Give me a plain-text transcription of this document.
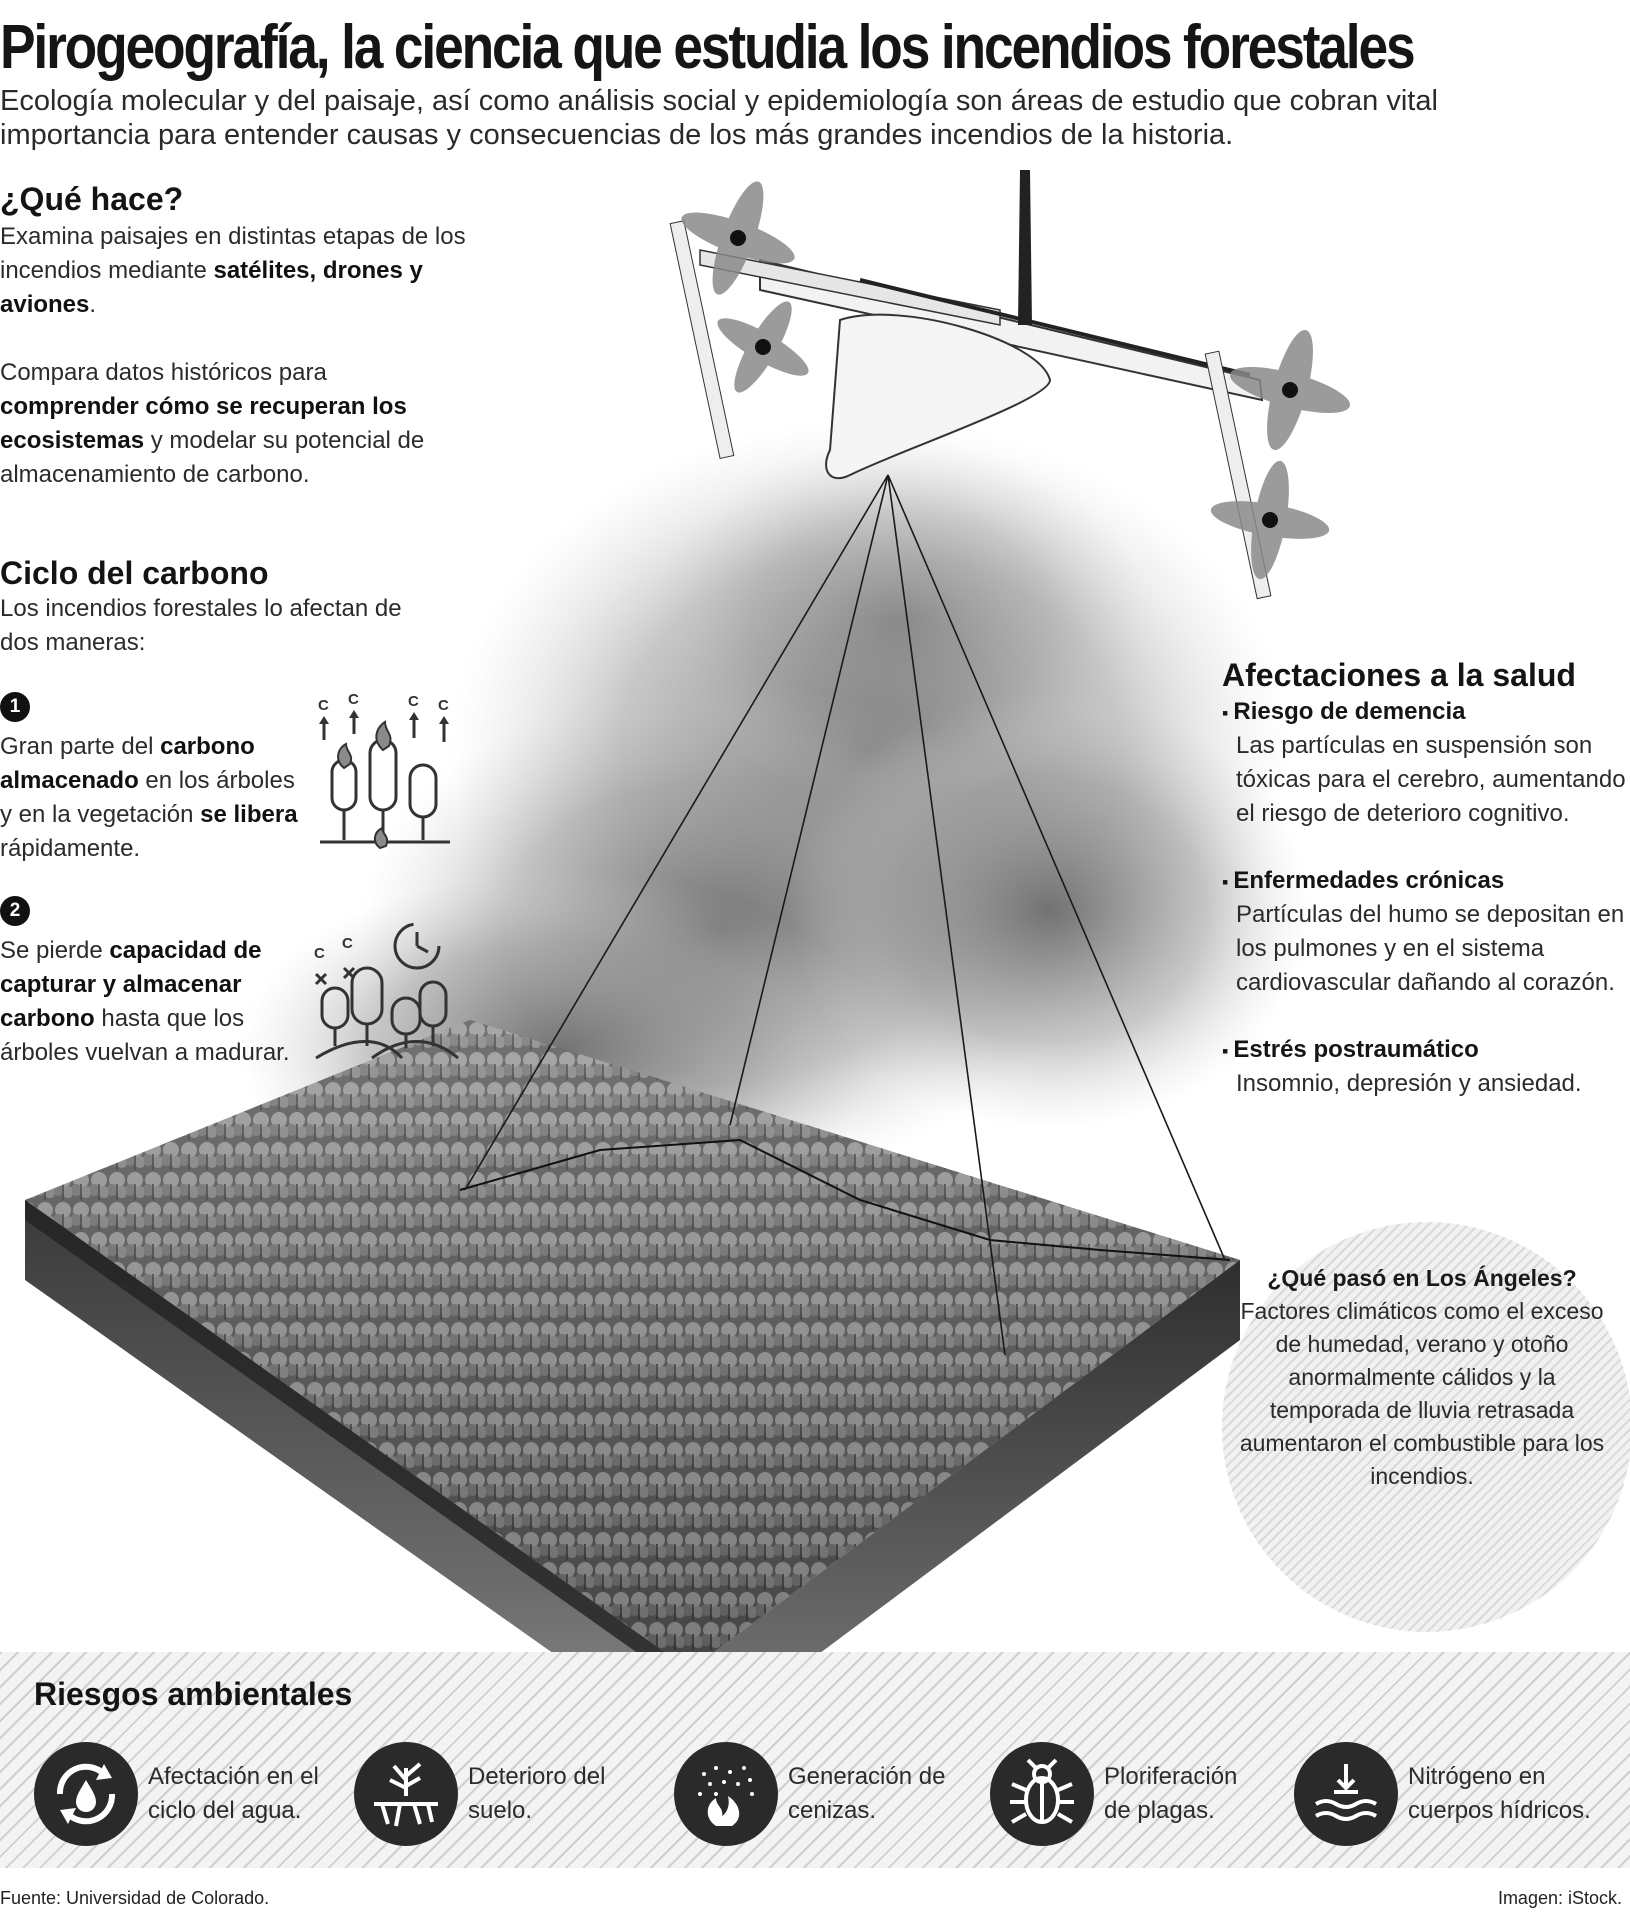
Pirogeografía, la ciencia que estudia los incendios forestales
Ecología molecular y del paisaje, así como análisis social y epidemiología son áreas de estudio que cobran vital importancia para entender causas y consecuencias de los más grandes incendios de la historia.
¿Qué hace?
Examina paisajes en distintas etapas de los incendios mediante satélites, drones y aviones.
Compara datos históricos para comprender cómo se recuperan los ecosistemas y modelar su potencial de almacenamiento de carbono.
Ciclo del carbono
Los incendios forestales lo afectan de dos maneras:
1
Gran parte del carbono almacenado en los árboles y en la vegetación se libera rápidamente.
C C	C C
2
Se pierde capacidad de capturar y almacenar carbono hasta que los árboles vuelvan a madurar.
C
C
Afectaciones a la salud
▪ Riesgo de demencia
Las partículas en suspensión son tóxicas para el cerebro, aumentando el riesgo de deterioro cognitivo.
▪ Enfermedades crónicas
Partículas del humo se depositan en los pulmones y en el sistema cardiovascular dañando al corazón.
▪ Estrés postraumático
Insomnio, depresión y ansiedad.
¿Qué pasó en Los Ángeles?
Factores climáticos como el exceso de humedad, verano y otoño anormalmente cálidos y la temporada de lluvia retrasada aumentaron el combustible para los incendios.
Riesgos ambientales
Afectación en el ciclo del agua.
Deterioro del suelo.
Generación de cenizas.
Ploriferación de plagas.
Nitrógeno en cuerpos hídricos.
Fuente: Universidad de Colorado.	Imagen: iStock.
